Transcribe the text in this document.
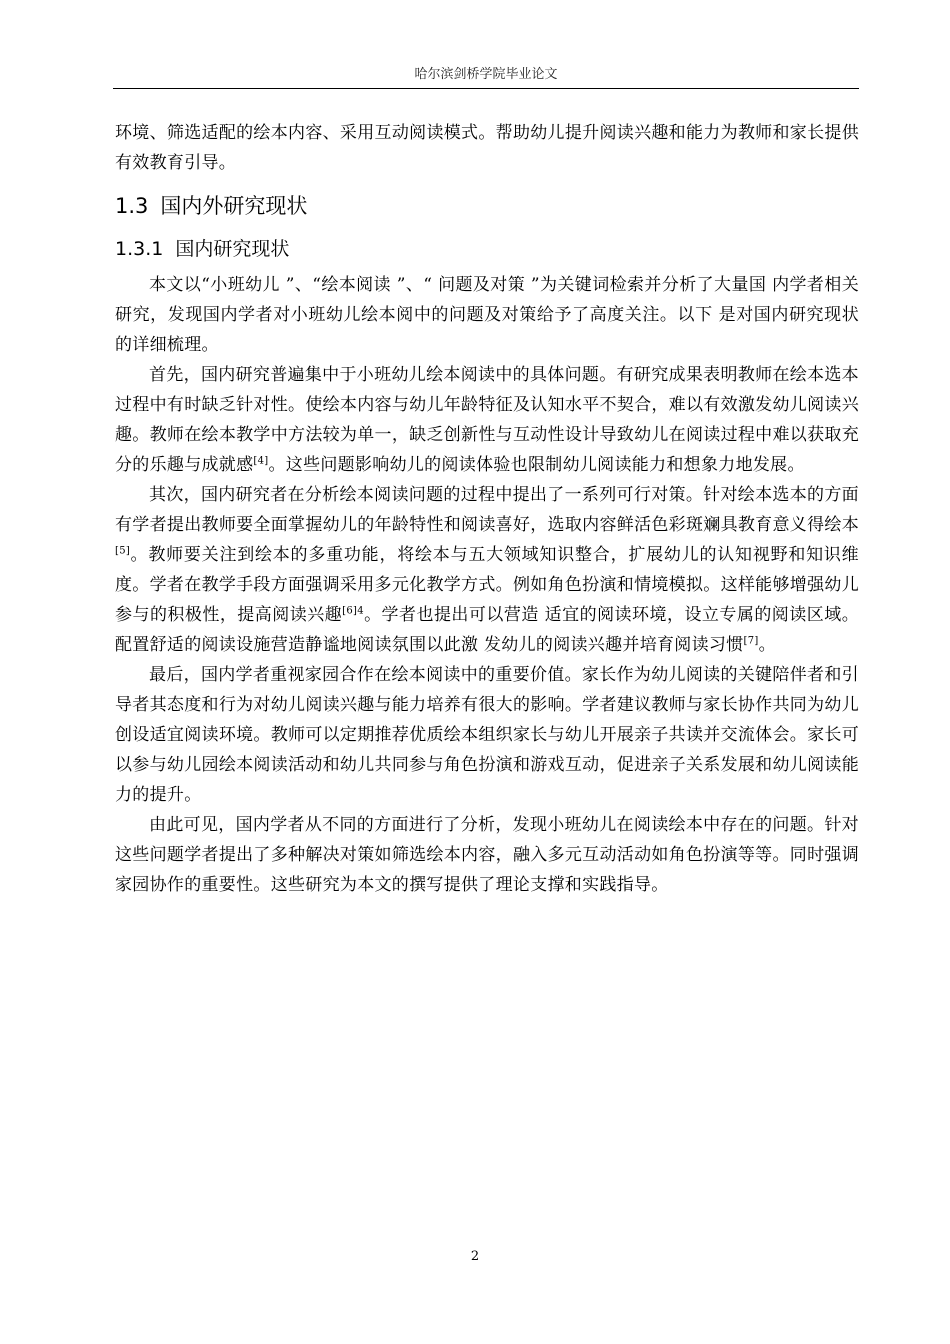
哈尔滨剑桥学院毕业论文

环境、筛选适配的绘本内容、采用互动阅读模式。帮助幼儿提升阅读兴趣和能力为教师和家长提供有效教育引导。

1.3 国内外研究现状
1.3.1 国内研究现状

本文以“小班幼儿 ”、“绘本阅读 ”、“ 问题及对策 ”为关键词检索并分析了大量国 内学者相关研究，发现国内学者对小班幼儿绘本阅中的问题及对策给予了高度关注。以下 是对国内研究现状的详细梳理。

首先，国内研究普遍集中于小班幼儿绘本阅读中的具体问题。有研究成果表明教师在绘本选本过程中有时缺乏针对性。使绘本内容与幼儿年龄特征及认知水平不契合，难以有效激发幼儿阅读兴趣。教师在绘本教学中方法较为单一，缺乏创新性与互动性设计导致幼儿在阅读过程中难以获取充分的乐趣与成就感[4]。这些问题影响幼儿的阅读体验也限制幼儿阅读能力和想象力地发展。

其次，国内研究者在分析绘本阅读问题的过程中提出了一系列可行对策。针对绘本选本的方面有学者提出教师要全面掌握幼儿的年龄特性和阅读喜好，选取内容鲜活色彩斑斓具教育意义得绘本[5]。教师要关注到绘本的多重功能，将绘本与五大领域知识整合，扩展幼儿的认知视野和知识维度。学者在教学手段方面强调采用多元化教学方式。例如角色扮演和情境模拟。这样能够增强幼儿参与的积极性，提高阅读兴趣$^{[6]4}$。学者也提出可以营造 适宜的阅读环境，设立专属的阅读区域。配置舒适的阅读设施营造静谧地阅读氛围以此激 发幼儿的阅读兴趣并培育阅读习惯[7]。

最后，国内学者重视家园合作在绘本阅读中的重要价值。家长作为幼儿阅读的关键陪伴者和引导者其态度和行为对幼儿阅读兴趣与能力培养有很大的影响。学者建议教师与家长协作共同为幼儿创设适宜阅读环境。教师可以定期推荐优质绘本组织家长与幼儿开展亲子共读并交流体会。家长可以参与幼儿园绘本阅读活动和幼儿共同参与角色扮演和游戏互动，促进亲子关系发展和幼儿阅读能力的提升。

由此可见，国内学者从不同的方面进行了分析，发现小班幼儿在阅读绘本中存在的问题。针对这些问题学者提出了多种解决对策如筛选绘本内容，融入多元互动活动如角色扮演等等。同时强调家园协作的重要性。这些研究为本文的撰写提供了理论支撑和实践指导。

2
